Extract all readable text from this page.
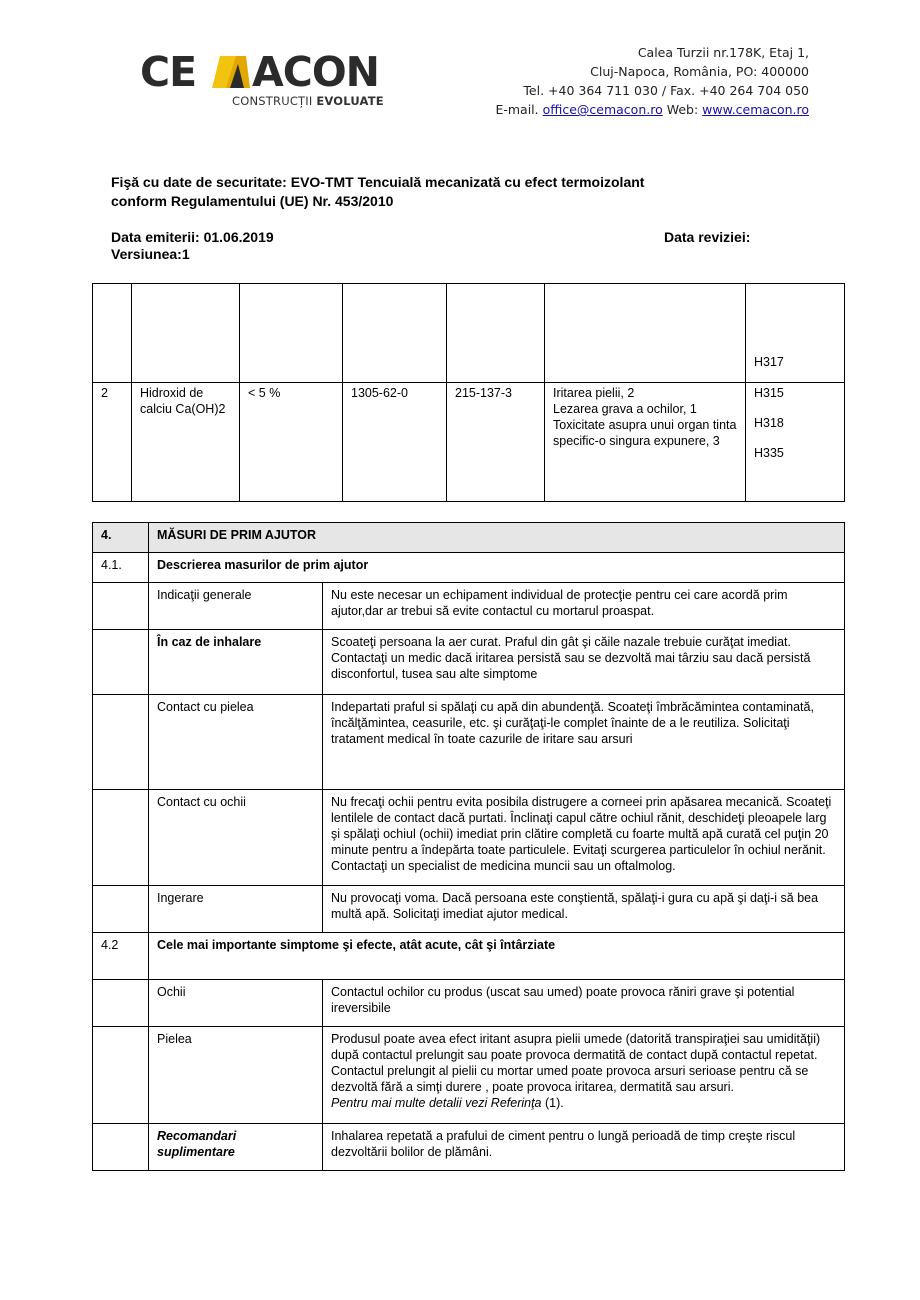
CE ACON
CONSTRUCȚII EVOLUATE
Calea Turzii nr.178K, Etaj 1,
Cluj-Napoca, România, PO: 400000
Tel. +40 364 711 030 / Fax. +40 264 704 050
E-mail. office@cemacon.ro Web: www.cemacon.ro
Fişă cu date de securitate: EVO-TMT Tencuială mecanizată cu efect termoizolant
conform Regulamentului (UE) Nr. 453/2010
Data emiterii: 01.06.2019
Versiunea:1
Data reviziei:
						H317
2	Hidroxid de calciu Ca(OH)2	< 5 %	1305-62-0	215-137-3	Iritarea pielii, 2
Lezarea grava a ochilor, 1
Toxicitate asupra unui organ tinta specific-o singura expunere, 3

H315
H318
H335
4.	MĂSURI DE PRIM AJUTOR
4.1.	Descrierea masurilor de prim ajutor
	Indicaţii generale	Nu este necesar un echipament individual de protecţie pentru cei care acordă prim ajutor,dar ar trebui să evite contactul cu mortarul proaspat.
	În caz de inhalare	Scoateţi persoana la aer curat. Praful din gât şi căile nazale trebuie curăţat imediat. Contactaţi un medic dacă iritarea persistă sau se dezvoltă mai târziu sau dacă persistă disconfortul, tusea sau alte simptome
	Contact cu pielea	Indepartati praful si spălaţi cu apă din abundenţă. Scoateţi îmbrăcămintea contaminată, încălţămintea, ceasurile, etc. şi curăţaţi-le complet înainte de a le reutiliza. Solicitaţi tratament medical în toate cazurile de iritare sau arsuri
	Contact cu ochii	Nu frecaţi ochii pentru evita posibila distrugere a corneei prin apăsarea mecanică. Scoateţi lentilele de contact dacă purtati. Înclinaţi capul către ochiul rănit, deschideţi pleoapele larg şi spălaţi ochiul (ochii) imediat prin clătire completă cu foarte multă apă curată cel puţin 20 minute pentru a îndepărta toate particulele. Evitaţi scurgerea particulelor în ochiul nerănit. Contactaţi un specialist de medicina muncii sau un oftalmolog.
	Ingerare	Nu provocaţi voma. Dacă persoana este conştientă, spălaţi-i gura cu apă şi daţi-i să bea multă apă. Solicitaţi imediat ajutor medical.
4.2	Cele mai importante simptome şi efecte, atât acute, cât şi întârziate
	Ochii	Contactul ochilor cu produs (uscat sau umed) poate provoca răniri grave şi potential ireversibile
	Pielea	Produsul poate avea efect iritant asupra pielii umede (datorită transpiraţiei sau umidităţii) după contactul prelungit sau poate provoca dermatită de contact după contactul repetat.
Contactul prelungit al pielii cu mortar umed poate provoca arsuri serioase pentru că se dezvoltă fără a simţi durere , poate provoca iritarea, dermatită sau arsuri.
Pentru mai multe detalii vezi Referinţa (1).

	Recomandari suplimentare	Inhalarea repetată a prafului de ciment pentru o lungă perioadă de timp creşte riscul dezvoltării bolilor de plămâni.
